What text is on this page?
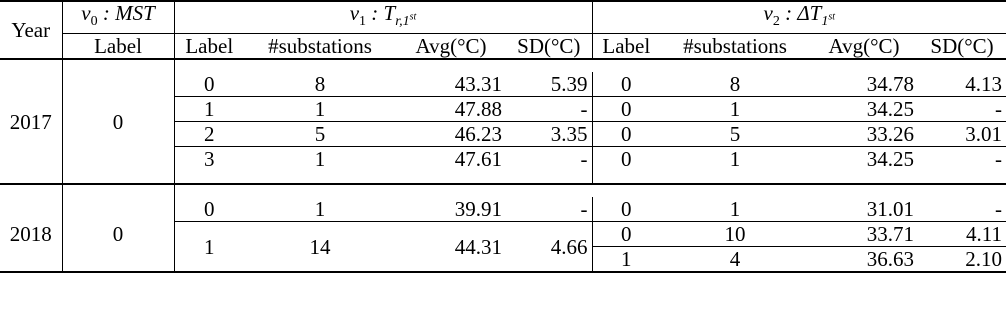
Year	$v_0$ : MST	$v_1$ : $T_{r,1^{st}}$				$v_2$ : $\Delta T_{1^{st}}$
	Label	Label	#substations	Avg(°C)	SD(°C)	Label	#substations	Avg(°C)	SD(°C)

2017	0	0	8	43.31	5.39	0	8	34.78	4.13
		1	1	47.88	-	0	1	34.25	-
		2	5	46.23	3.35	0	5	33.26	3.01
		3	1	47.61	-	0	1	34.25	-

2018	0	0	1	39.91	-	0	1	31.01	-
		1	14	44.31	4.66	0	10	33.71	4.11
						1	4	36.63	2.10
